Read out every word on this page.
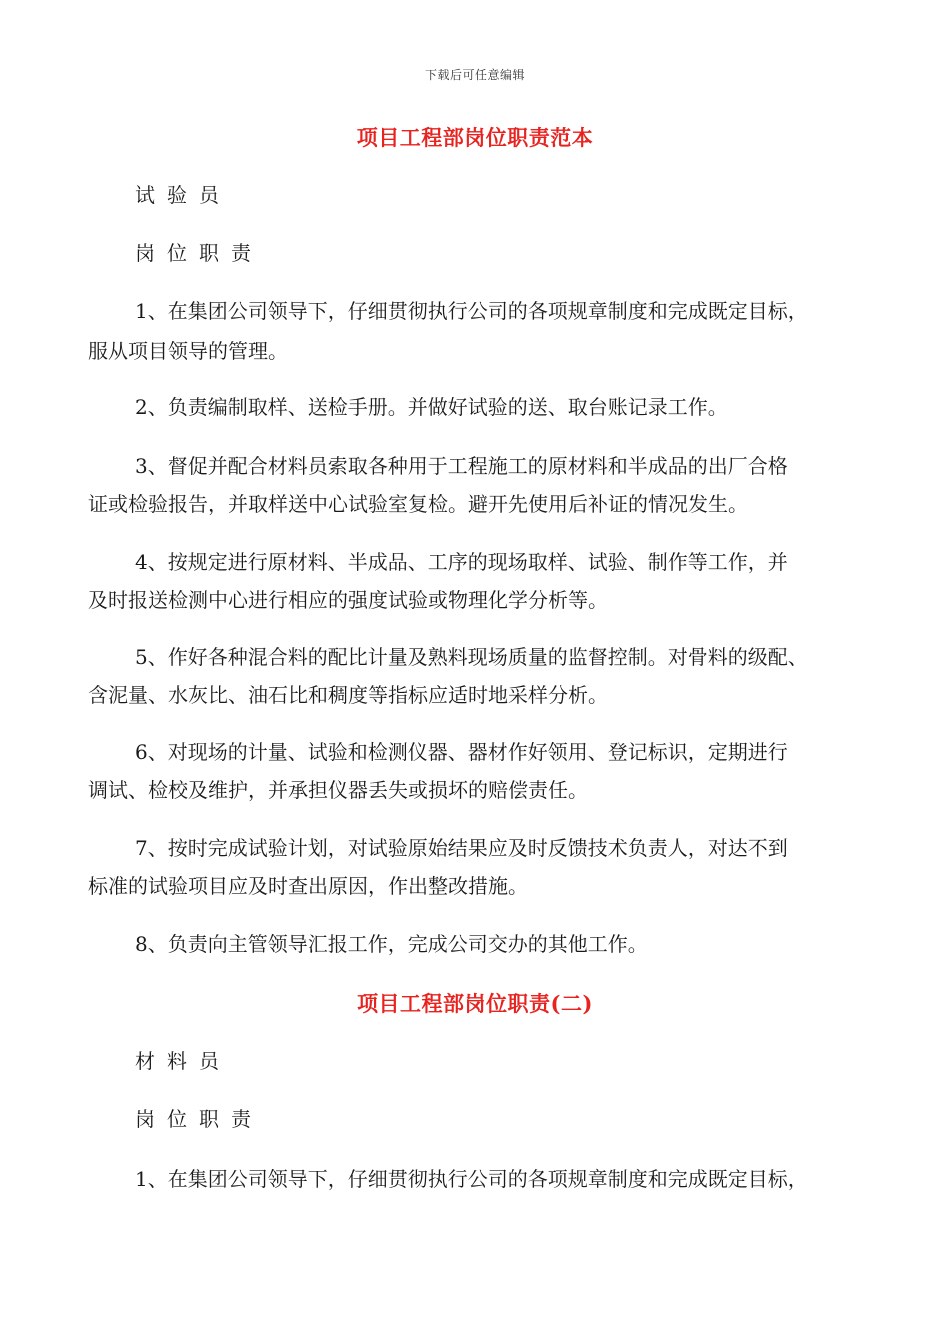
下载后可任意编辑
项目工程部岗位职责范本
试验员
岗位职责
1、在集团公司领导下，仔细贯彻执行公司的各项规章制度和完成既定目标，
服从项目领导的管理。
2、负责编制取样、送检手册。并做好试验的送、取台账记录工作。
3、督促并配合材料员索取各种用于工程施工的原材料和半成品的出厂合格
证或检验报告，并取样送中心试验室复检。避开先使用后补证的情况发生。
4、按规定进行原材料、半成品、工序的现场取样、试验、制作等工作，并
及时报送检测中心进行相应的强度试验或物理化学分析等。
5、作好各种混合料的配比计量及熟料现场质量的监督控制。对骨料的级配、
含泥量、水灰比、油石比和稠度等指标应适时地采样分析。
6、对现场的计量、试验和检测仪器、器材作好领用、登记标识，定期进行
调试、检校及维护，并承担仪器丢失或损坏的赔偿责任。
7、按时完成试验计划，对试验原始结果应及时反馈技术负责人，对达不到
标准的试验项目应及时查出原因，作出整改措施。
8、负责向主管领导汇报工作，完成公司交办的其他工作。
项目工程部岗位职责(二)
材料员
岗位职责
1、在集团公司领导下，仔细贯彻执行公司的各项规章制度和完成既定目标，
